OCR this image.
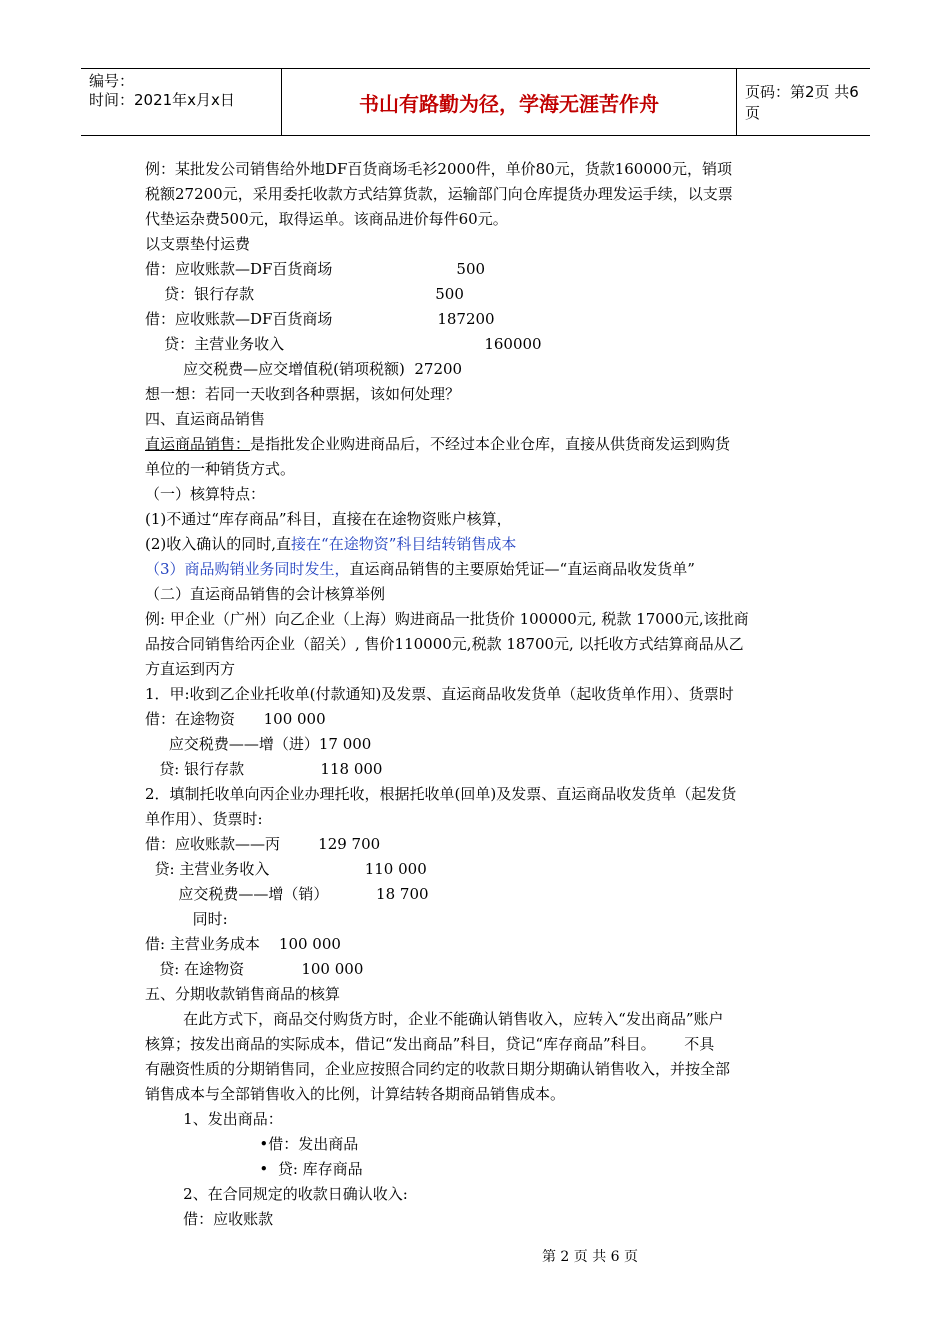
编号：
时间：2021年x月x日	书山有路勤为径，学海无涯苦作舟	页码：第2页 共6页
例：某批发公司销售给外地DF百货商场毛衫2000件，单价80元，货款160000元，销项
税额27200元，采用委托收款方式结算货款，运输部门向仓库提货办理发运手续，以支票
代垫运杂费500元，取得运单。该商品进价每件60元。
以支票垫付运费
借：应收账款—DF百货商场                          500
贷：银行存款                                      500
借：应收账款—DF百货商场                      187200
贷：主营业务收入                                          160000
应交税费—应交增值税(销项税额)  27200
想一想：若同一天收到各种票据，该如何处理？
四、直运商品销售
直运商品销售：是指批发企业购进商品后，不经过本企业仓库，直接从供货商发运到购货
单位的一种销货方式。
（一）核算特点：
(1)不通过“库存商品”科目，直接在在途物资账户核算，
(2)收入确认的同时,直接在“在途物资”科目结转销售成本
（3）商品购销业务同时发生，直运商品销售的主要原始凭证—“直运商品收发货单”
（二）直运商品销售的会计核算举例
例: 甲企业（广州）向乙企业（上海）购进商品一批货价 100000元, 税款 17000元,该批商
品按合同销售给丙企业（韶关）, 售价110000元,税款 18700元, 以托收方式结算商品从乙
方直运到丙方
1．甲:收到乙企业托收单(付款通知)及发票、直运商品收发货单（起收货单作用）、货票时
借：在途物资      100 000
应交税费——增（进）17 000
贷: 银行存款                118 000
2．填制托收单向丙企业办理托收，根据托收单(回单)及发票、直运商品收发货单（起发货
单作用）、货票时:
借：应收账款——丙        129 700
贷: 主营业务收入                    110 000
应交税费——增（销）          18 700
同时:
借: 主营业务成本    100 000
贷: 在途物资            100 000
五、分期收款销售商品的核算
在此方式下，商品交付购货方时，企业不能确认销售收入，应转入“发出商品”账户
核算；按发出商品的实际成本，借记“发出商品”科目，贷记“库存商品”科目。      不具
有融资性质的分期销售同，企业应按照合同约定的收款日期分期确认销售收入，并按全部
销售成本与全部销售收入的比例，计算结转各期商品销售成本。
1、发出商品：
•借：发出商品
•  贷: 库存商品
2、在合同规定的收款日确认收入:
借：应收账款
第 2 页 共 6 页
